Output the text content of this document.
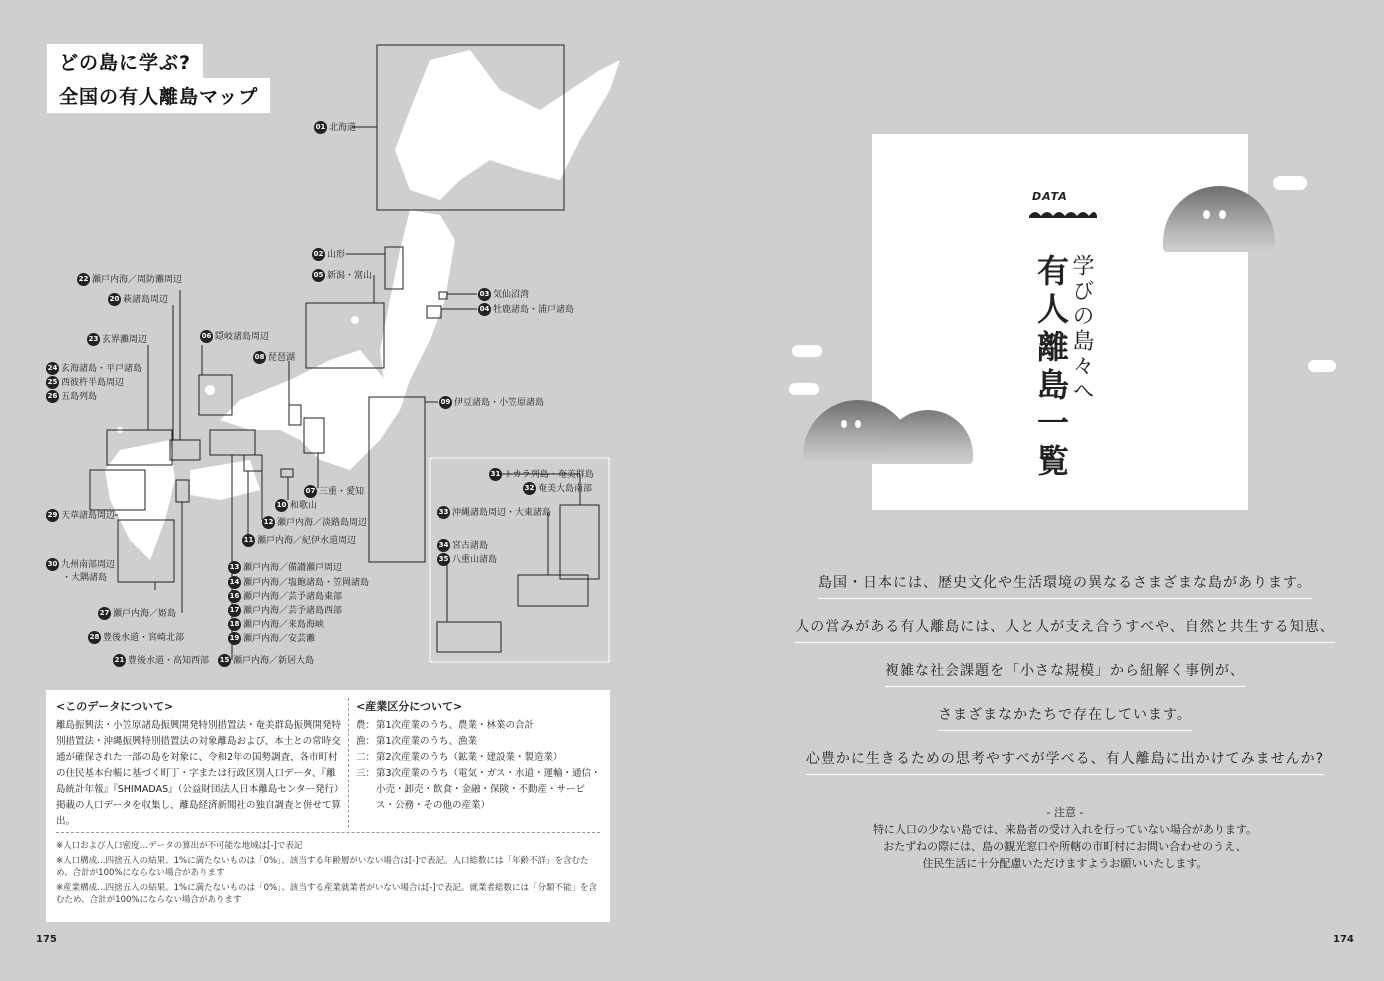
どの島に学ぶ?
全国の有人離島マップ
01 北海道
02 山形
05 新潟・富山
03 気仙沼湾
04 牡鹿諸島・浦戸諸島
22 瀬戸内海／周防灘周辺
20 萩諸島周辺
06 隠岐諸島周辺
23 玄界灘周辺
08 琵琶湖
24 玄海諸島・平戸諸島
25 西彼杵半島周辺
26 五島列島	09 伊豆諸島・小笠原諸島
07 三重・愛知
10 和歌山
29 天草諸島周辺
12 瀬戸内海／淡路島周辺
11 瀬戸内海／紀伊水道周辺
30 九州南部周辺
・大隅諸島
13 瀬戸内海／備讃瀬戸周辺
14 瀬戸内海／塩飽諸島・笠岡諸島
16 瀬戸内海／芸予諸島東部
17 瀬戸内海／芸予諸島西部
18 瀬戸内海／来島海峡
19 瀬戸内海／安芸灘
15 瀬戸内海／新居大島
27 瀬戸内海／姫島
28 豊後水道・宮崎北部
21 豊後水道・高知西部
31 トカラ列島・奄美群島
32 奄美大島南部
33 沖縄諸島周辺・大東諸島
34 宮古諸島
35 八重山諸島
<このデータについて>

離島振興法・小笠原諸島振興開発特別措置法・奄美群島振興開発特別措置法・沖縄振興特別措置法の対象離島および、本土との常時交通が確保された一部の島を対象に、令和2年の国勢調査、各市町村の住民基本台帳に基づく町丁・字または行政区別人口データ、『離島統計年報』『SHIMADAS』（公益財団法人日本離島センター発行）掲載の人口データを収集し、離島経済新聞社の独自調査と併せて算出。

<産業区分について>
農： 第1次産業のうち、農業・林業の合計
漁： 第1次産業のうち、漁業
二： 第2次産業のうち（鉱業・建設業・製造業）
三： 第3次産業のうち（電気・ガス・水道・運輸・通信・小売・卸売・飲食・金融・保険・不動産・サービス・公務・その他の産業）
※人口および人口密度…データの算出が不可能な地域は[-]で表記
※人口構成…四捨五入の結果、1%に満たないものは「0%」、該当する年齢層がいない場合は[-]で表記。人口総数には「年齢不詳」を含むため、合計が100%にならない場合があります
※産業構成…四捨五入の結果、1%に満たないものは「0%」、該当する産業就業者がいない場合は[-]で表記。就業者総数には「分類不能」を含むため、合計が100%にならない場合があります
175
DATA
学びの島々へ
有人離島一覧
島国・日本には、歴史文化や生活環境の異なるさまざまな島があります。
人の営みがある有人離島には、人と人が支え合うすべや、自然と共生する知恵、
複雑な社会課題を「小さな規模」から紐解く事例が、
さまざまなかたちで存在しています。
心豊かに生きるための思考やすべが学べる、有人離島に出かけてみませんか?
- 注意 -
特に人口の少ない島では、来島者の受け入れを行っていない場合があります。
おたずねの際には、島の観光窓口や所轄の市町村にお問い合わせのうえ、
住民生活に十分配慮いただけますようお願いいたします。
174
